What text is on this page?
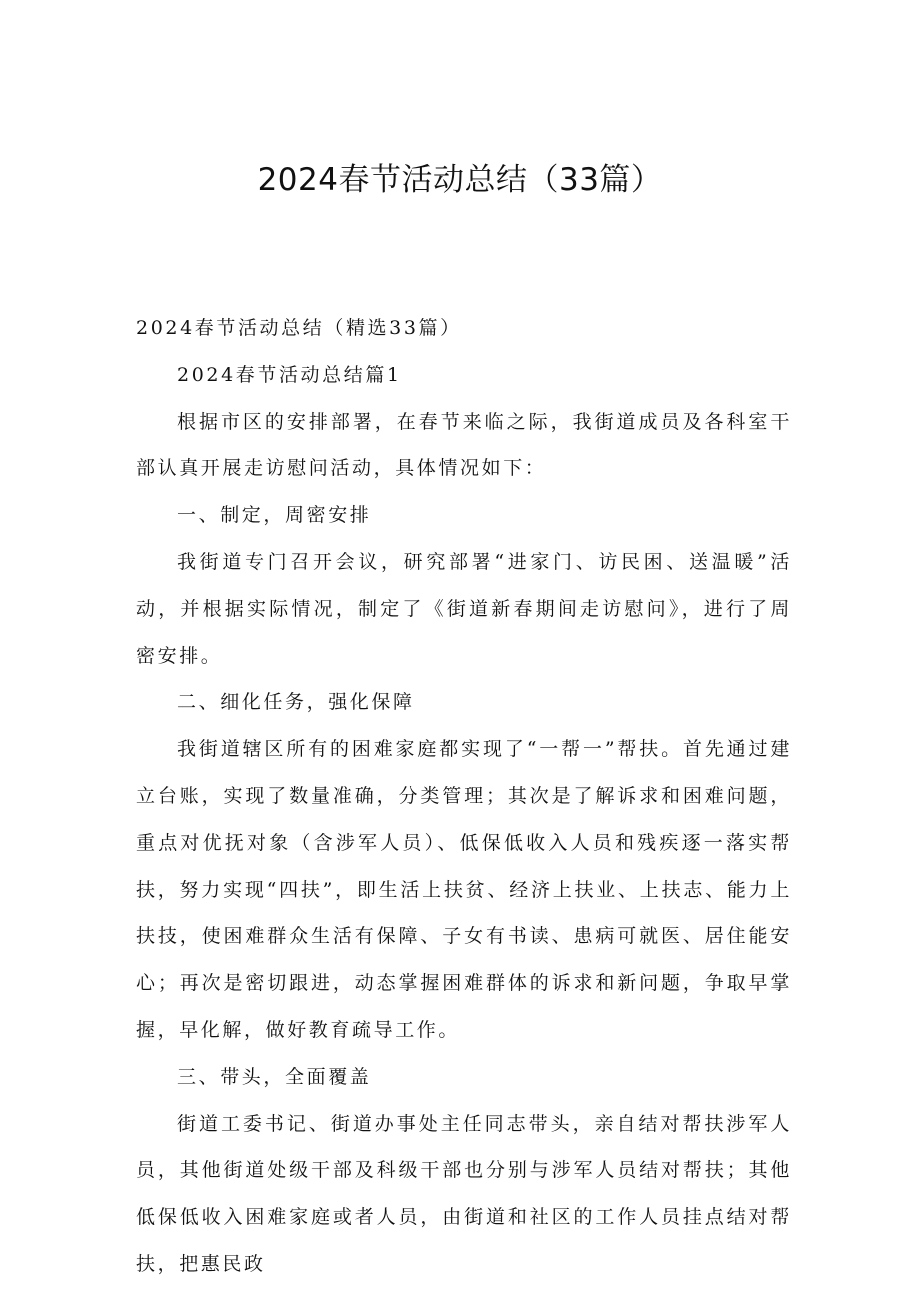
2024春节活动总结（33篇）

2024春节活动总结（精选33篇）

2024春节活动总结篇1

根据市区的安排部署，在春节来临之际，我街道成员及各科室干部认真开展走访慰问活动，具体情况如下：

一、制定，周密安排

我街道专门召开会议，研究部署“进家门、访民困、送温暖”活动，并根据实际情况，制定了《街道新春期间走访慰问》，进行了周密安排。

二、细化任务，强化保障

我街道辖区所有的困难家庭都实现了“一帮一”帮扶。首先通过建立台账，实现了数量准确，分类管理；其次是了解诉求和困难问题，重点对优抚对象（含涉军人员）、低保低收入人员和残疾逐一落实帮扶，努力实现“四扶”，即生活上扶贫、经济上扶业、上扶志、能力上扶技，使困难群众生活有保障、子女有书读、患病可就医、居住能安心；再次是密切跟进，动态掌握困难群体的诉求和新问题，争取早掌握，早化解，做好教育疏导工作。

三、带头，全面覆盖

街道工委书记、街道办事处主任同志带头，亲自结对帮扶涉军人员，其他街道处级干部及科级干部也分别与涉军人员结对帮扶；其他低保低收入困难家庭或者人员，由街道和社区的工作人员挂点结对帮扶，把惠民政
